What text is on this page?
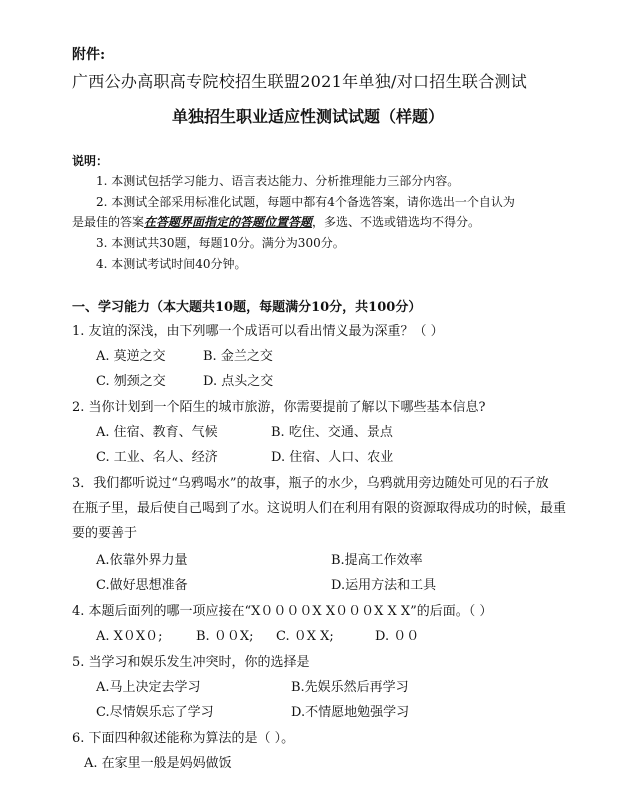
附件:
广西公办高职高专院校招生联盟2021年单独/对口招生联合测试
单独招生职业适应性测试试题（样题）
说明：
1. 本测试包括学习能力、语言表达能力、分析推理能力三部分内容。
2. 本测试全部采用标准化试题，每题中都有4个备选答案，请你选出一个自认为
是最佳的答案在答题界面指定的答题位置答题，多选、不选或错选均不得分。
3. 本测试共30题，每题10分。满分为300分。
4. 本测试考试时间40分钟。
一、学习能力（本大题共10题，每题满分10分，共100分）
1. 友谊的深浅，由下列哪一个成语可以看出情义最为深重？（ ）
A. 莫逆之交	B. 金兰之交
C. 刎颈之交	D. 点头之交
2. 当你计划到一个陌生的城市旅游，你需要提前了解以下哪些基本信息?
A. 住宿、教育、气候	B. 吃住、交通、景点
C. 工业、名人、经济	D. 住宿、人口、农业
3．我们都听说过“乌鸦喝水”的故事，瓶子的水少，乌鸦就用旁边随处可见的石子放
在瓶子里，最后使自己喝到了水。这说明人们在利用有限的资源取得成功的时候，最重
要的要善于
A.依靠外界力量	B.提高工作效率
C.做好思想准备	D.运用方法和工具
4. 本题后面列的哪一项应接在“X００００X X０００X X X”的后面。（ ）
A. X０X０;	B. ００X; C. ０X X;	D. ００
5. 当学习和娱乐发生冲突时，你的选择是
A.马上决定去学习	B.先娱乐然后再学习
C.尽情娱乐忘了学习	D.不情愿地勉强学习
6. 下面四种叙述能称为算法的是（ ）。
A. 在家里一般是妈妈做饭
